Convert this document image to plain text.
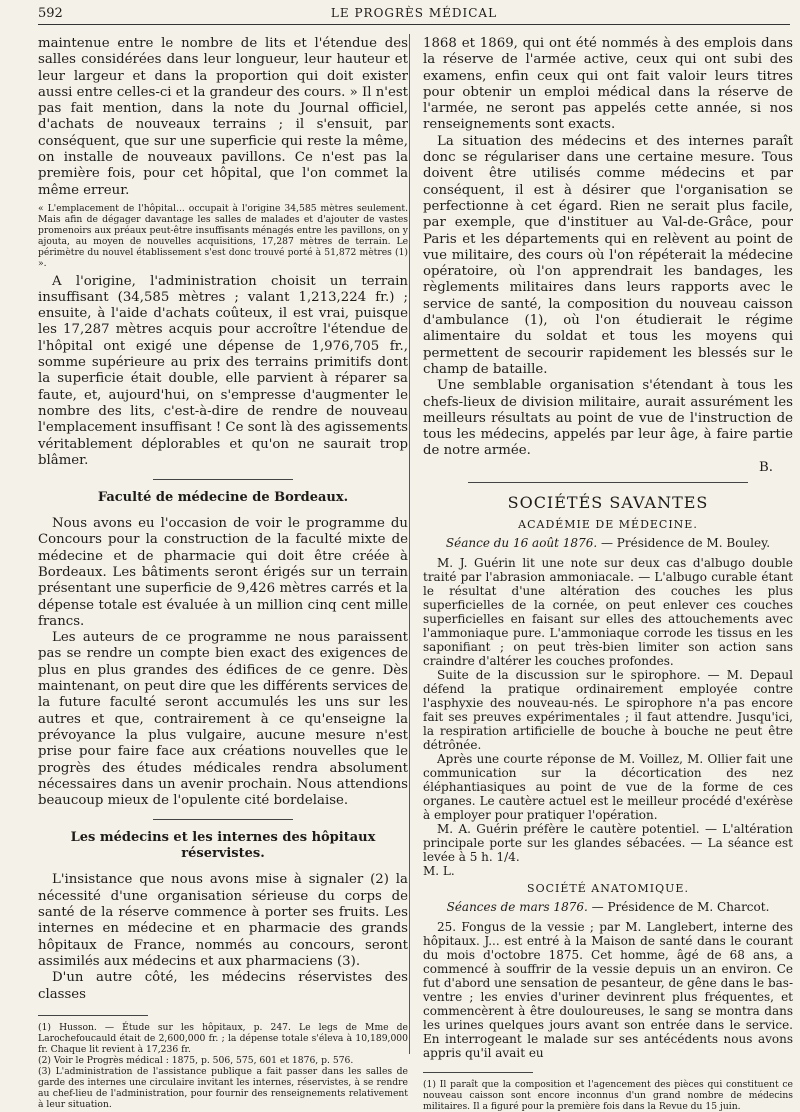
592	LE PROGRÈS MÉDICAL

maintenue entre le nombre de lits et l'étendue des salles considérées dans leur longueur, leur hauteur et leur largeur et dans la proportion qui doit exister aussi entre celles-ci et la grandeur des cours. » Il n'est pas fait mention, dans la note du Journal officiel, d'achats de nouveaux terrains ; il s'ensuit, par conséquent, que sur une superficie qui reste la même, on installe de nouveaux pavillons. Ce n'est pas la première fois, pour cet hôpital, que l'on commet la même erreur.

« L'emplacement de l'hôpital... occupait à l'origine 34,585 mètres seulement. Mais afin de dégager davantage les salles de malades et d'ajouter de vastes promenoirs aux préaux peut-être insuffisants ménagés entre les pavillons, on y ajouta, au moyen de nouvelles acquisitions, 17,287 mètres de terrain. Le périmètre du nouvel établissement s'est donc trouvé porté à 51,872 mètres (1) ».

A l'origine, l'administration choisit un terrain insuffisant (34,585 mètres ; valant 1,213,224 fr.) ; ensuite, à l'aide d'achats coûteux, il est vrai, puisque les 17,287 mètres acquis pour accroître l'étendue de l'hôpital ont exigé une dépense de 1,976,705 fr., somme supérieure au prix des terrains primitifs dont la superficie était double, elle parvient à réparer sa faute, et, aujourd'hui, on s'empresse d'augmenter le nombre des lits, c'est-à-dire de rendre de nouveau l'emplacement insuffisant ! Ce sont là des agissements véritablement déplorables et qu'on ne saurait trop blâmer.

Faculté de médecine de Bordeaux.

Nous avons eu l'occasion de voir le programme du Concours pour la construction de la faculté mixte de médecine et de pharmacie qui doit être créée à Bordeaux. Les bâtiments seront érigés sur un terrain présentant une superficie de 9,426 mètres carrés et la dépense totale est évaluée à un million cinq cent mille francs.

Les auteurs de ce programme ne nous paraissent pas se rendre un compte bien exact des exigences de plus en plus grandes des édifices de ce genre. Dès maintenant, on peut dire que les différents services de la future faculté seront accumulés les uns sur les autres et que, contrairement à ce qu'enseigne la prévoyance la plus vulgaire, aucune mesure n'est prise pour faire face aux créations nouvelles que le progrès des études médicales rendra absolument nécessaires dans un avenir prochain. Nous attendions beaucoup mieux de l'opulente cité bordelaise.

Les médecins et les internes des hôpitaux réservistes.

L'insistance que nous avons mise à signaler (2) la nécessité d'une organisation sérieuse du corps de santé de la réserve commence à porter ses fruits. Les internes en médecine et en pharmacie des grands hôpitaux de France, nommés au concours, seront assimilés aux médecins et aux pharmaciens (3).

D'un autre côté, les médecins réservistes des classes

(1) Husson. — Étude sur les hôpitaux, p. 247. Le legs de Mme de Larochefoucauld était de 2,600,000 fr. ; la dépense totale s'éleva à 10,189,000 fr. Chaque lit revient à 17,236 fr.
(2) Voir le Progrès médical : 1875, p. 506, 575, 601 et 1876, p. 576.
(3) L'administration de l'assistance publique a fait passer dans les salles de garde des internes une circulaire invitant les internes, réservistes, à se rendre au chef-lieu de l'administration, pour fournir des renseignements relativement à leur situation.

1868 et 1869, qui ont été nommés à des emplois dans la réserve de l'armée active, ceux qui ont subi des examens, enfin ceux qui ont fait valoir leurs titres pour obtenir un emploi médical dans la réserve de l'armée, ne seront pas appelés cette année, si nos renseignements sont exacts.

La situation des médecins et des internes paraît donc se régulariser dans une certaine mesure. Tous doivent être utilisés comme médecins et par conséquent, il est à désirer que l'organisation se perfectionne à cet égard. Rien ne serait plus facile, par exemple, que d'instituer au Val-de-Grâce, pour Paris et les départements qui en relèvent au point de vue militaire, des cours où l'on répéterait la médecine opératoire, où l'on apprendrait les bandages, les règlements militaires dans leurs rapports avec le service de santé, la composition du nouveau caisson d'ambulance (1), où l'on étudierait le régime alimentaire du soldat et tous les moyens qui permettent de secourir rapidement les blessés sur le champ de bataille.

Une semblable organisation s'étendant à tous les chefs-lieux de division militaire, aurait assurément les meilleurs résultats au point de vue de l'instruction de tous les médecins, appelés par leur âge, à faire partie de notre armée.

B.

SOCIÉTÉS SAVANTES
ACADÉMIE DE MÉDECINE.
Séance du 16 août 1876. — Présidence de M. Bouley.

M. J. Guérin lit une note sur deux cas d'albugo double traité par l'abrasion ammoniacale. — L'albugo curable étant le résultat d'une altération des couches les plus superficielles de la cornée, on peut enlever ces couches superficielles en faisant sur elles des attouchements avec l'ammoniaque pure. L'ammoniaque corrode les tissus en les saponifiant ; on peut très-bien limiter son action sans craindre d'altérer les couches profondes.

Suite de la discussion sur le spirophore. — M. Depaul défend la pratique ordinairement employée contre l'asphyxie des nouveau-nés. Le spirophore n'a pas encore fait ses preuves expérimentales ; il faut attendre. Jusqu'ici, la respiration artificielle de bouche à bouche ne peut être détrônée.

Après une courte réponse de M. Voillez, M. Ollier fait une communication sur la décortication des nez éléphantiasiques au point de vue de la forme de ces organes. Le cautère actuel est le meilleur procédé d'exérèse à employer pour pratiquer l'opération.

M. A. Guérin préfère le cautère potentiel. — L'altération principale porte sur les glandes sébacées. — La séance est levée à 5 h. 1/4.

M. L.

SOCIÉTÉ ANATOMIQUE.
Séances de mars 1876. — Présidence de M. Charcot.

25. Fongus de la vessie ; par M. Langlebert, interne des hôpitaux. J... est entré à la Maison de santé dans le courant du mois d'octobre 1875. Cet homme, âgé de 68 ans, a commencé à souffrir de la vessie depuis un an environ. Ce fut d'abord une sensation de pesanteur, de gêne dans le bas-ventre ; les envies d'uriner devinrent plus fréquentes, et commencèrent à être douloureuses, le sang se montra dans les urines quelques jours avant son entrée dans le service. En interrogeant le malade sur ses antécédents nous avons appris qu'il avait eu

(1) Il paraît que la composition et l'agencement des pièces qui constituent ce nouveau caisson sont encore inconnus d'un grand nombre de médecins militaires. Il a figuré pour la première fois dans la Revue du 15 juin.
